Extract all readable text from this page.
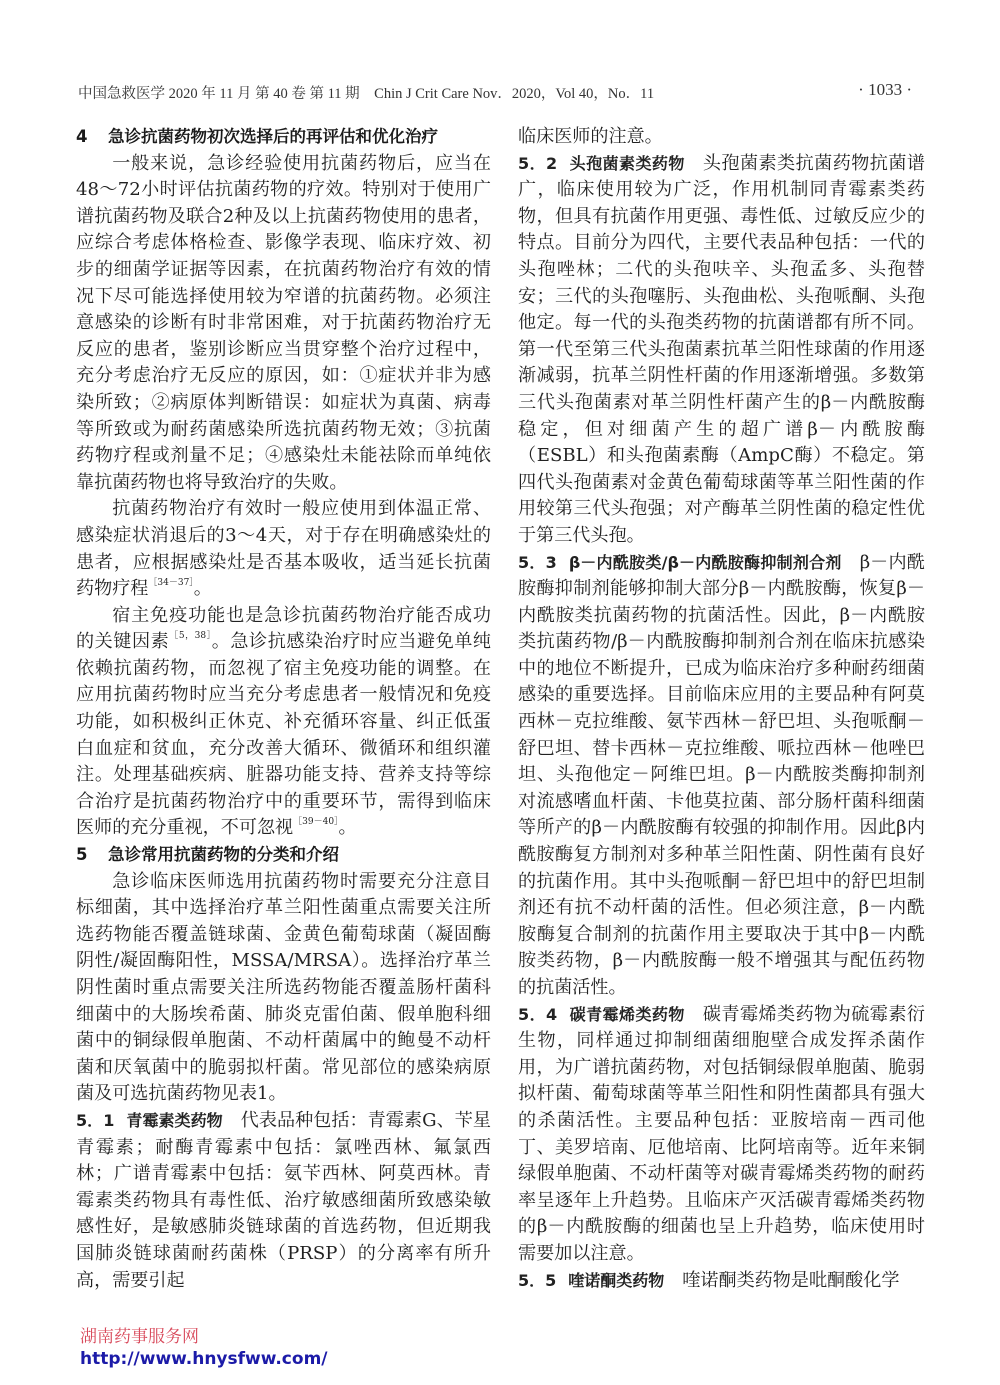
中国急救医学 2020 年 11 月 第 40 卷 第 11 期　Chin J Crit Care Nov．2020，Vol 40，No．11	· 1033 ·

4 急诊抗菌药物初次选择后的再评估和优化治疗

一般来说，急诊经验使用抗菌药物后，应当在48～72小时评估抗菌药物的疗效。特别对于使用广谱抗菌药物及联合2种及以上抗菌药物使用的患者，应综合考虑体格检查、影像学表现、临床疗效、初步的细菌学证据等因素，在抗菌药物治疗有效的情况下尽可能选择使用较为窄谱的抗菌药物。必须注意感染的诊断有时非常困难，对于抗菌药物治疗无反应的患者，鉴别诊断应当贯穿整个治疗过程中，充分考虑治疗无反应的原因，如：①症状并非为感染所致；②病原体判断错误：如症状为真菌、病毒等所致或为耐药菌感染所选抗菌药物无效；③抗菌药物疗程或剂量不足；④感染灶未能祛除而单纯依靠抗菌药物也将导致治疗的失败。

抗菌药物治疗有效时一般应使用到体温正常、感染症状消退后的3～4天，对于存在明确感染灶的患者，应根据感染灶是否基本吸收，适当延长抗菌药物疗程$^{[34-37]}$。

宿主免疫功能也是急诊抗菌药物治疗能否成功的关键因素$^{[5,38]}$。急诊抗感染治疗时应当避免单纯依赖抗菌药物，而忽视了宿主免疫功能的调整。在应用抗菌药物时应当充分考虑患者一般情况和免疫功能，如积极纠正休克、补充循环容量、纠正低蛋白血症和贫血，充分改善大循环、微循环和组织灌注。处理基础疾病、脏器功能支持、营养支持等综合治疗是抗菌药物治疗中的重要环节，需得到临床医师的充分重视，不可忽视$^{[39-40]}$。

5 急诊常用抗菌药物的分类和介绍

急诊临床医师选用抗菌药物时需要充分注意目标细菌，其中选择治疗革兰阳性菌重点需要关注所选药物能否覆盖链球菌、金黄色葡萄球菌（凝固酶阴性/凝固酶阳性，MSSA/MRSA）。选择治疗革兰阴性菌时重点需要关注所选药物能否覆盖肠杆菌科细菌中的大肠埃希菌、肺炎克雷伯菌、假单胞科细菌中的铜绿假单胞菌、不动杆菌属中的鲍曼不动杆菌和厌氧菌中的脆弱拟杆菌。常见部位的感染病原菌及可选抗菌药物见表1。

5．1 青霉素类药物 代表品种包括：青霉素G、苄星青霉素；耐酶青霉素中包括：氯唑西林、氟氯西林；广谱青霉素中包括：氨苄西林、阿莫西林。青霉素类药物具有毒性低、治疗敏感细菌所致感染敏感性好，是敏感肺炎链球菌的首选药物，但近期我国肺炎链球菌耐药菌株（PRSP）的分离率有所升高，需要引起

临床医师的注意。

5．2 头孢菌素类药物 头孢菌素类抗菌药物抗菌谱广，临床使用较为广泛，作用机制同青霉素类药物，但具有抗菌作用更强、毒性低、过敏反应少的特点。目前分为四代，主要代表品种包括：一代的头孢唑林；二代的头孢呋辛、头孢孟多、头孢替安；三代的头孢噻肟、头孢曲松、头孢哌酮、头孢他定。每一代的头孢类药物的抗菌谱都有所不同。第一代至第三代头孢菌素抗革兰阳性球菌的作用逐渐减弱，抗革兰阴性杆菌的作用逐渐增强。多数第三代头孢菌素对革兰阴性杆菌产生的β－内酰胺酶稳定，但对细菌产生的超广谱β－内酰胺酶（ESBL）和头孢菌素酶（AmpC酶）不稳定。第四代头孢菌素对金黄色葡萄球菌等革兰阳性菌的作用较第三代头孢强；对产酶革兰阴性菌的稳定性优于第三代头孢。

5．3 β－内酰胺类/β－内酰胺酶抑制剂合剂 β－内酰胺酶抑制剂能够抑制大部分β－内酰胺酶，恢复β－内酰胺类抗菌药物的抗菌活性。因此，β－内酰胺类抗菌药物/β－内酰胺酶抑制剂合剂在临床抗感染中的地位不断提升，已成为临床治疗多种耐药细菌感染的重要选择。目前临床应用的主要品种有阿莫西林－克拉维酸、氨苄西林－舒巴坦、头孢哌酮－舒巴坦、替卡西林－克拉维酸、哌拉西林－他唑巴坦、头孢他定－阿维巴坦。β－内酰胺类酶抑制剂对流感嗜血杆菌、卡他莫拉菌、部分肠杆菌科细菌等所产的β－内酰胺酶有较强的抑制作用。因此β内酰胺酶复方制剂对多种革兰阳性菌、阴性菌有良好的抗菌作用。其中头孢哌酮－舒巴坦中的舒巴坦制剂还有抗不动杆菌的活性。但必须注意，β－内酰胺酶复合制剂的抗菌作用主要取决于其中β－内酰胺类药物，β－内酰胺酶一般不增强其与配伍药物的抗菌活性。

5．4 碳青霉烯类药物 碳青霉烯类药物为硫霉素衍生物，同样通过抑制细菌细胞壁合成发挥杀菌作用，为广谱抗菌药物，对包括铜绿假单胞菌、脆弱拟杆菌、葡萄球菌等革兰阳性和阴性菌都具有强大的杀菌活性。主要品种包括：亚胺培南－西司他丁、美罗培南、厄他培南、比阿培南等。近年来铜绿假单胞菌、不动杆菌等对碳青霉烯类药物的耐药率呈逐年上升趋势。且临床产灭活碳青霉烯类药物的β－内酰胺酶的细菌也呈上升趋势，临床使用时需要加以注意。

5．5 喹诺酮类药物 喹诺酮类药物是吡酮酸化学

湖南药事服务网
http://www.hnysfww.com/
